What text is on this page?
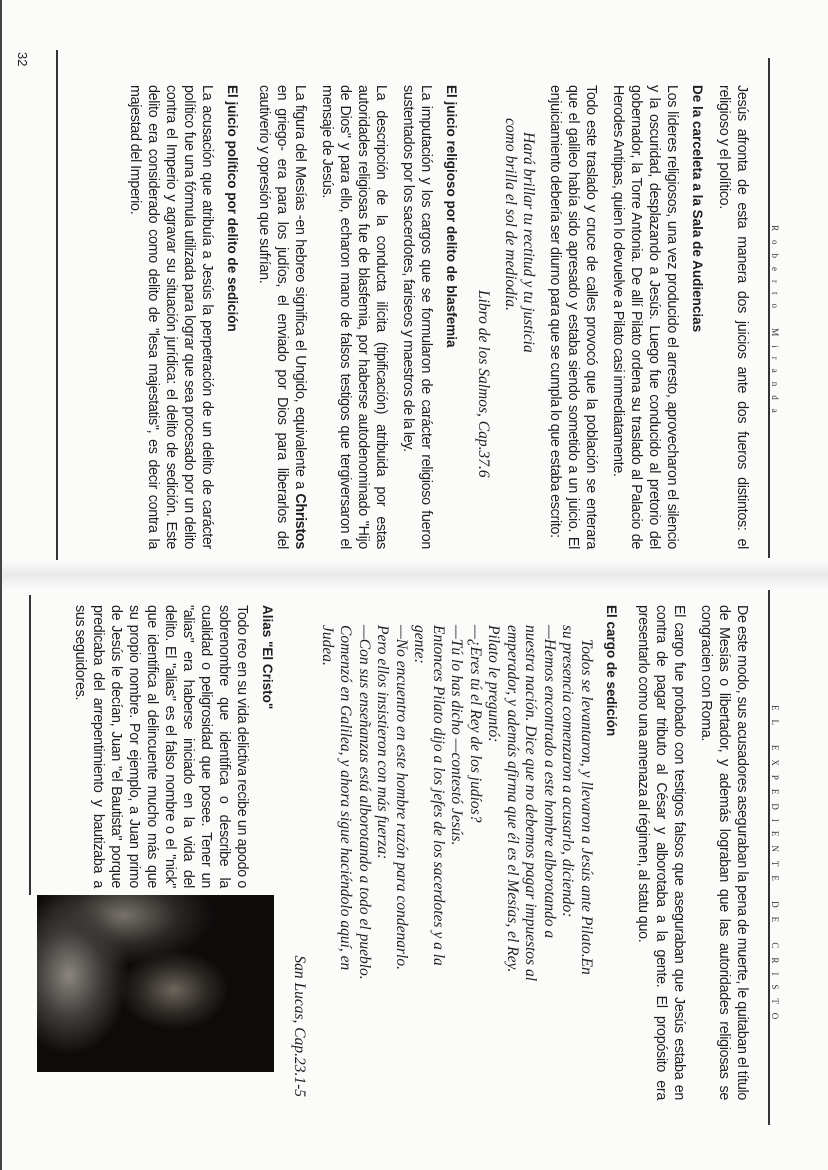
Roberto Miranda

Jesús afronta de esta manera dos juicios ante dos fueros distintos: el religioso y el político.

De la carceleta a la Sala de Audiencias

Los líderes religiosos, una vez producido el arresto, aprovecharon el silencio y la oscuridad, desplazando a Jesús. Luego fue conducido al pretorio del gobernador, la Torre Antonia. De allí Pilato ordena su traslado al Palacio de Herodes Antipas, quien lo devuelve a Pilato casi inmediatamente.

Todo este traslado y cruce de calles provocó que la población se enterara que el galileo había sido apresado y estaba siendo sometido a un juicio. El enjuiciamiento debería ser diurno para que se cumpla lo que estaba escrito:

Hará brillar tu rectitud y tu justicia
como brilla el sol de mediodía.
Libro de los Salmos, Cap.37.6

El juicio religioso por delito de blasfemia

La imputación y los cargos que se formularon de carácter religioso fueron sustentados por los sacerdotes, fariseos y maestros de la ley.

La descripción de la conducta ilícita (tipificación) atribuida por estas autoridades religiosas fue de blasfemia, por haberse autodenominado "Hijo de Dios" y para ello, echaron mano de falsos testigos que tergiversaron el mensaje de Jesús.

La figura del Mesías -en hebreo significa el Ungido, equivalente a Christos en griego- era para los judíos, el enviado por Dios para liberarlos del cautiverio y opresión que sufrían.

El juicio político por delito de sedición

La acusación que atribuía a Jesús la perpetración de un delito de carácter político fue una fórmula utilizada para lograr que sea procesado por un delito contra el Imperio y agravar su situación jurídica: el delito de sedición. Este delito era considerado como delito de "lesa majestatis", es decir contra la majestad del Imperio.

32
EL EXPEDIENTE DE CRISTO

De este modo, sus acusadores aseguraban la pena de muerte, le quitaban el título de Mesías o libertador, y además lograban que las autoridades religiosas se congracien con Roma.

El cargo fue probado con testigos falsos que aseguraban que Jesús estaba en contra de pagar tributo al César y alborotaba a la gente. El propósito era presentarlo como una amenaza al régimen, al statu quo.

El cargo de sedición

Todos se levantaron, y llevaron a Jesús ante Pilato.En
su presencia comenzaron a acusarlo, diciendo:
—Hemos encontrado a este hombre alborotando a
nuestra nación. Dice que no debemos pagar impuestos al
emperador, y además afirma que él es el Mesías, el Rey.
Pilato le preguntó:
—¿Eres tú el Rey de los judíos?
—Tú lo has dicho —contestó Jesús.
Entonces Pilato dijo a los jefes de los sacerdotes y a la
gente:
—No encuentro en este hombre razón para condenarlo.
Pero ellos insistieron con más fuerza:
—Con sus enseñanzas está alborotando a todo el pueblo.
Comenzó en Galilea, y ahora sigue haciéndolo aquí, en
Judea.
San Lucas, Cap.23.1-5

Alias "El Cristo"

Todo reo en su vida delictiva recibe un apodo o sobrenombre que identifica o describe la cualidad o peligrosidad que posee. Tener un "alias" era haberse iniciado en la vida del delito. El "alias" es el falso nombre o el "nick" que identifica al delincuente mucho más que su propio nombre. Por ejemplo, a Juan primo de Jesús le decían, Juan "el Bautista" porque predicaba del arrepentimiento y bautizaba a sus seguidores.
